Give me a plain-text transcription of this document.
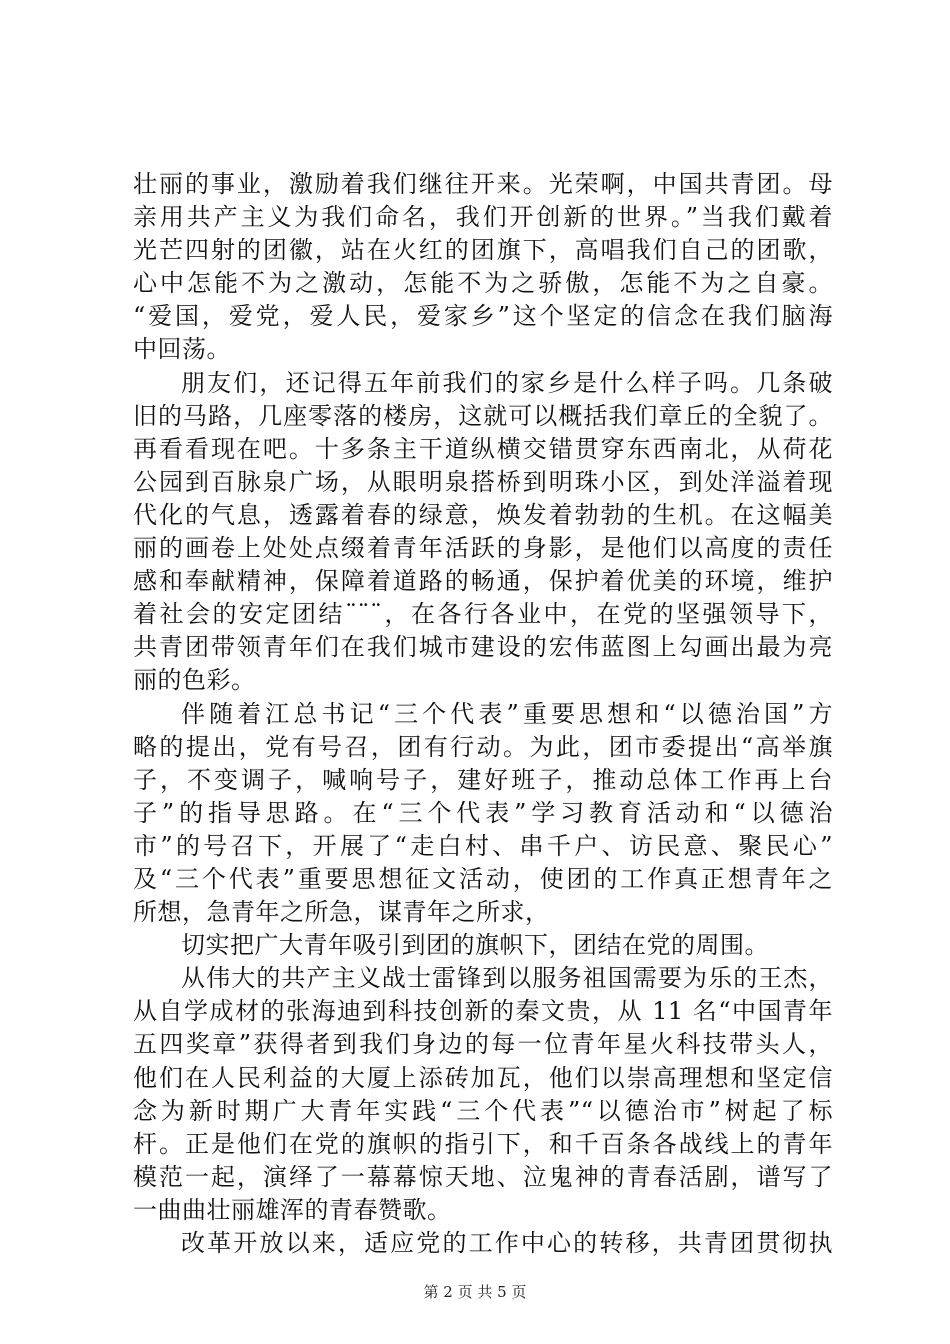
壮丽的事业，激励着我们继往开来。光荣啊，中国共青团。母
亲用共产主义为我们命名，我们开创新的世界。”当我们戴着
光芒四射的团徽，站在火红的团旗下，高唱我们自己的团歌，
心中怎能不为之激动，怎能不为之骄傲，怎能不为之自豪。
“爱国，爱党，爱人民，爱家乡”这个坚定的信念在我们脑海
中回荡。
朋友们，还记得五年前我们的家乡是什么样子吗。几条破
旧的马路，几座零落的楼房，这就可以概括我们章丘的全貌了。
再看看现在吧。十多条主干道纵横交错贯穿东西南北，从荷花
公园到百脉泉广场，从眼明泉搭桥到明珠小区，到处洋溢着现
代化的气息，透露着春的绿意，焕发着勃勃的生机。在这幅美
丽的画卷上处处点缀着青年活跃的身影，是他们以高度的责任
感和奉献精神，保障着道路的畅通，保护着优美的环境，维护
着社会的安定团结¨¨¨，在各行各业中，在党的坚强领导下，
共青团带领青年们在我们城市建设的宏伟蓝图上勾画出最为亮
丽的色彩。
伴随着江总书记“三个代表”重要思想和“以德治国”方
略的提出，党有号召，团有行动。为此，团市委提出“高举旗
子，不变调子，喊响号子，建好班子，推动总体工作再上台
子”的指导思路。在“三个代表”学习教育活动和“以德治
市”的号召下，开展了“走白村、串千户、访民意、聚民心”
及“三个代表”重要思想征文活动，使团的工作真正想青年之
所想，急青年之所急，谋青年之所求，
切实把广大青年吸引到团的旗帜下，团结在党的周围。
从伟大的共产主义战士雷锋到以服务祖国需要为乐的王杰，
从自学成材的张海迪到科技创新的秦文贵，从 11 名“中国青年
五四奖章”获得者到我们身边的每一位青年星火科技带头人，
他们在人民利益的大厦上添砖加瓦，他们以崇高理想和坚定信
念为新时期广大青年实践“三个代表”“以德治市”树起了标
杆。正是他们在党的旗帜的指引下，和千百条各战线上的青年
模范一起，演绎了一幕幕惊天地、泣鬼神的青春活剧，谱写了
一曲曲壮丽雄浑的青春赞歌。
改革开放以来，适应党的工作中心的转移，共青团贯彻执
第 2 页 共 5 页
